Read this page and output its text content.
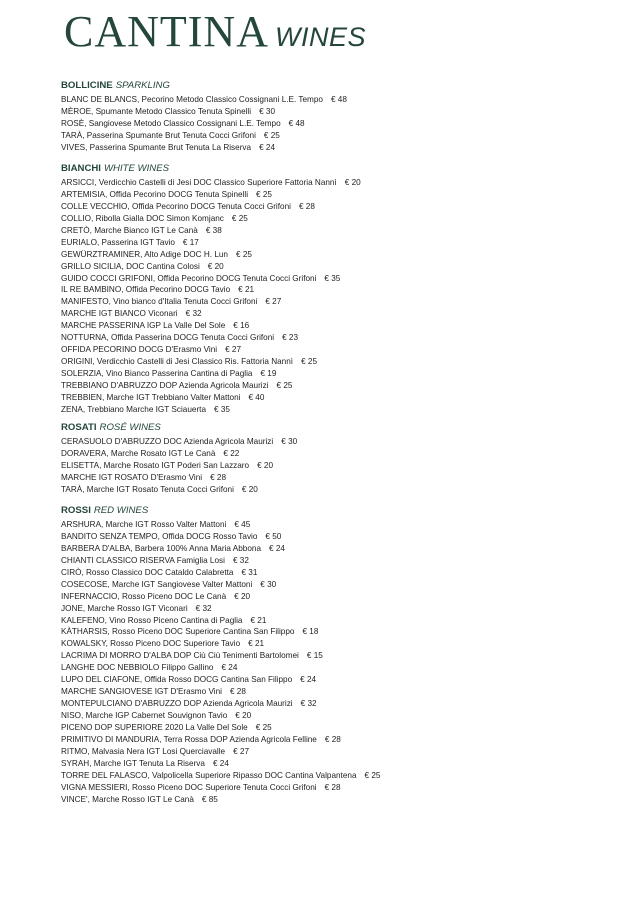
CANTINA WINES
BOLLICINE SPARKLING
BLANC DE BLANCS, Pecorino Metodo Classico Cossignani L.E. Tempo € 48
MÈROE, Spumante Metodo Classico Tenuta Spinelli € 30
ROSÈ, Sangiovese Metodo Classico Cossignani L.E. Tempo € 48
TARÀ, Passerina Spumante Brut Tenuta Cocci Grifoni € 25
VIVES, Passerina Spumante Brut Tenuta La Riserva € 24
BIANCHI WHITE WINES
ARSICCI, Verdicchio Castelli di Jesi DOC Classico Superiore Fattoria Nannì € 20
ARTEMISIA, Offida Pecorino DOCG Tenuta Spinelli € 25
COLLE VECCHIO, Offida Pecorino DOCG Tenuta Cocci Grifoni € 28
COLLIO, Ribolla Gialla DOC Simon Komjanc € 25
CRETÒ, Marche Bianco IGT Le Canà € 38
EURIALO, Passerina IGT Tavio € 17
GEWÜRZTRAMINER, Alto Adige DOC H. Lun € 25
GRILLO SICILIA, DOC Cantina Colosi € 20
GUIDO COCCI GRIFONI, Offida Pecorino DOCG Tenuta Cocci Grifoni € 35
IL RE BAMBINO, Offida Pecorino DOCG Tavio € 21
MANIFESTO, Vino bianco d'Italia Tenuta Cocci Grifoni € 27
MARCHE IGT BIANCO Viconari € 32
MARCHE PASSERINA IGP La Valle Del Sole € 16
NOTTURNA, Offida Passerina DOCG Tenuta Cocci Grifoni € 23
OFFIDA PECORINO DOCG D'Erasmo Vini € 27
ORIGINI, Verdicchio Castelli di Jesi Classico Ris. Fattoria Nannì € 25
SOLERZIA, Vino Bianco Passerina Cantina di Paglia € 19
TREBBIANO D'ABRUZZO DOP Azienda Agricola Maurizi € 25
TREBBIEN, Marche IGT Trebbiano Valter Mattoni € 40
ZENA, Trebbiano Marche IGT Sciauerta € 35
ROSATI ROSÉ WINES
CERASUOLO D'ABRUZZO DOC Azienda Agricola Maurizi € 30
DORAVERA, Marche Rosato IGT Le Canà € 22
ELISETTA, Marche Rosato IGT Poderi San Lazzaro € 20
MARCHE IGT ROSATO D'Erasmo Vini € 28
TARÀ, Marche IGT Rosato Tenuta Cocci Grifoni € 20
ROSSI RED WINES
ARSHURA, Marche IGT Rosso Valter Mattoni € 45
BANDITO SENZA TEMPO, Offida DOCG Rosso Tavio € 50
BARBERA D'ALBA, Barbera 100% Anna Maria Abbona € 24
CHIANTI CLASSICO RISERVA Famiglia Losi € 32
CIRÒ, Rosso Classico DOC Cataldo Calabretta € 31
COSECOSE, Marche IGT Sangiovese Valter Mattoni € 30
INFERNACCIO, Rosso Piceno DOC Le Canà € 20
JONE, Marche Rosso IGT Viconari € 32
KALEFENO, Vino Rosso Piceno Cantina di Paglia € 21
KÀTHARSIS, Rosso Piceno DOC Superiore Cantina San Filippo € 18
KOWALSKY, Rosso Piceno DOC Superiore Tavio € 21
LACRIMA DI MORRO D'ALBA DOP Ciù Ciù Tenimenti Bartolomei € 15
LANGHE DOC NEBBIOLO Filippo Gallino € 24
LUPO DEL CIAFONE, Offida Rosso DOCG Cantina San Filippo € 24
MARCHE SANGIOVESE IGT D'Erasmo Vini € 28
MONTEPULCIANO D'ABRUZZO DOP Azienda Agricola Maurizi € 32
NISO, Marche IGP Cabernet Souvignon Tavio € 20
PICENO DOP SUPERIORE 2020 La Valle Del Sole € 25
PRIMITIVO DI MANDURIA, Terra Rossa DOP Azienda Agricola Felline € 28
RITMO, Malvasia Nera IGT Losi Querciavalle € 27
SYRAH, Marche IGT Tenuta La Riserva € 24
TORRE DEL FALASCO, Valpolicella Superiore Ripasso DOC Cantina Valpantena € 25
VIGNA MESSIERI, Rosso Piceno DOC Superiore Tenuta Cocci Grifoni € 28
VINCE', Marche Rosso IGT Le Canà € 85
